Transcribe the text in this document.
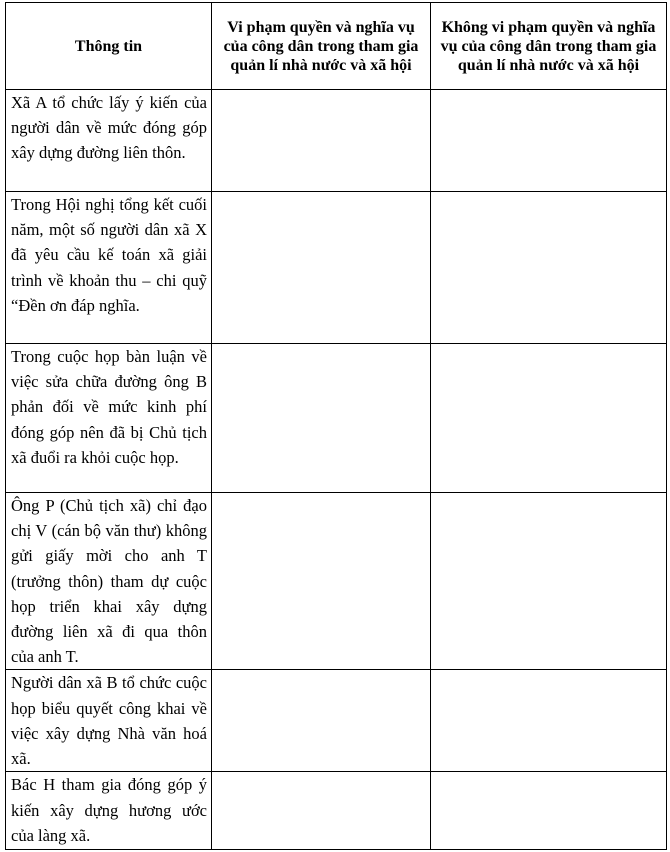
Thông tin	Vi phạm quyền và nghĩa vụ của công dân trong tham gia quản lí nhà nước và xã hội	Không vi phạm quyền và nghĩa vụ của công dân trong tham gia quản lí nhà nước và xã hội
Xã A tổ chức lấy ý kiến của người dân về mức đóng góp xây dựng đường liên thôn.		
Trong Hội nghị tổng kết cuối năm, một số người dân xã X đã yêu cầu kế toán xã giải trình về khoản thu – chi quỹ “Đền ơn đáp nghĩa.		
Trong cuộc họp bàn luận về việc sửa chữa đường ông B phản đối về mức kinh phí đóng góp nên đã bị Chủ tịch xã đuổi ra khỏi cuộc họp.		
Ông P (Chủ tịch xã) chỉ đạo chị V (cán bộ văn thư) không gửi giấy mời cho anh T (trưởng thôn) tham dự cuộc họp triển khai xây dựng đường liên xã đi qua thôn của anh T.		
Người dân xã B tổ chức cuộc họp biểu quyết công khai về việc xây dựng Nhà văn hoá xã.		
Bác H tham gia đóng góp ý kiến xây dựng hương ước của làng xã.		
